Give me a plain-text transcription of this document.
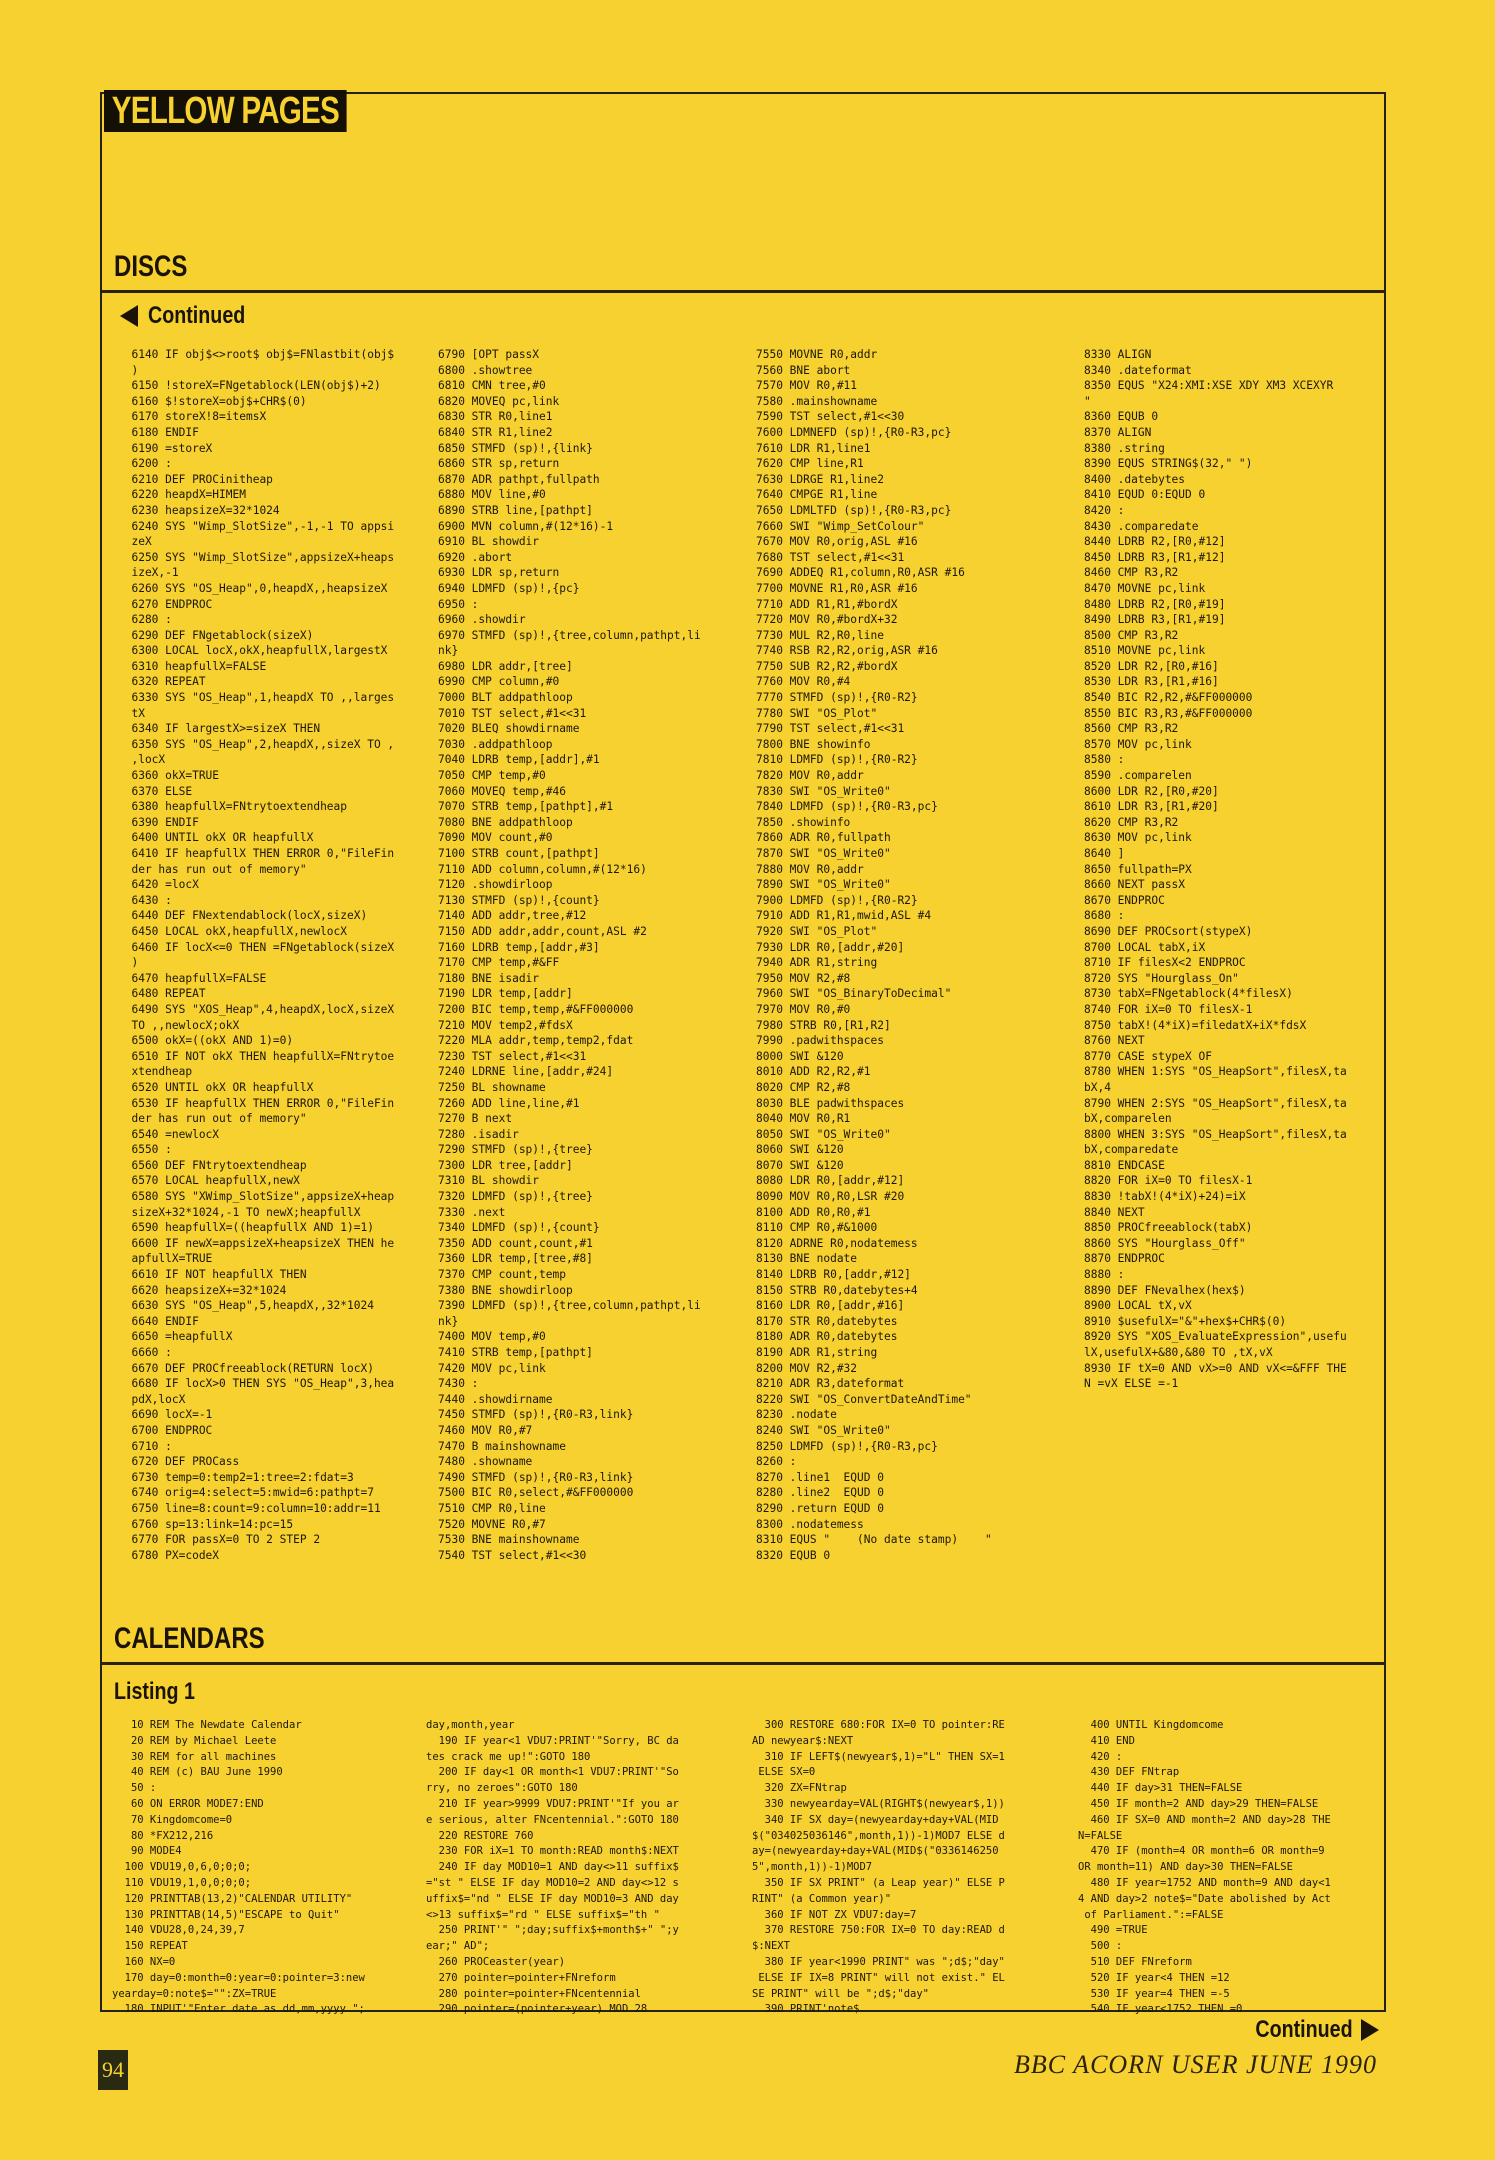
YELLOW PAGES
DISCS
Continued
6140 IF obj$<>root$ obj$=FNlastbit(obj$
)
6150 !storeX=FNgetablock(LEN(obj$)+2)
6160 $!storeX=obj$+CHR$(0)
6170 storeX!8=itemsX
6180 ENDIF
6190 =storeX
6200 :
6210 DEF PROCinitheap
6220 heapdX=HIMEM
6230 heapsizeX=32*1024
6240 SYS "Wimp_SlotSize",-1,-1 TO appsi
zeX
6250 SYS "Wimp_SlotSize",appsizeX+heaps
izeX,-1
6260 SYS "OS_Heap",0,heapdX,,heapsizeX
6270 ENDPROC
6280 :
6290 DEF FNgetablock(sizeX)
6300 LOCAL locX,okX,heapfullX,largestX
6310 heapfullX=FALSE
6320 REPEAT
6330 SYS "OS_Heap",1,heapdX TO ,,larges
tX
6340 IF largestX>=sizeX THEN
6350 SYS "OS_Heap",2,heapdX,,sizeX TO ,
,locX
6360 okX=TRUE
6370 ELSE
6380 heapfullX=FNtrytoextendheap
6390 ENDIF
6400 UNTIL okX OR heapfullX
6410 IF heapfullX THEN ERROR 0,"FileFin
der has run out of memory"
6420 =locX
6430 :
6440 DEF FNextendablock(locX,sizeX)
6450 LOCAL okX,heapfullX,newlocX
6460 IF locX<=0 THEN =FNgetablock(sizeX
)
6470 heapfullX=FALSE
6480 REPEAT
6490 SYS "XOS_Heap",4,heapdX,locX,sizeX
TO ,,newlocX;okX
6500 okX=((okX AND 1)=0)
6510 IF NOT okX THEN heapfullX=FNtrytoe
xtendheap
6520 UNTIL okX OR heapfullX
6530 IF heapfullX THEN ERROR 0,"FileFin
der has run out of memory"
6540 =newlocX
6550 :
6560 DEF FNtrytoextendheap
6570 LOCAL heapfullX,newX
6580 SYS "XWimp_SlotSize",appsizeX+heap
sizeX+32*1024,-1 TO newX;heapfullX
6590 heapfullX=((heapfullX AND 1)=1)
6600 IF newX=appsizeX+heapsizeX THEN he
apfullX=TRUE
6610 IF NOT heapfullX THEN
6620 heapsizeX+=32*1024
6630 SYS "OS_Heap",5,heapdX,,32*1024
6640 ENDIF
6650 =heapfullX
6660 :
6670 DEF PROCfreeablock(RETURN locX)
6680 IF locX>0 THEN SYS "OS_Heap",3,hea
pdX,locX
6690 locX=-1
6700 ENDPROC
6710 :
6720 DEF PROCass
6730 temp=0:temp2=1:tree=2:fdat=3
6740 orig=4:select=5:mwid=6:pathpt=7
6750 line=8:count=9:column=10:addr=11
6760 sp=13:link=14:pc=15
6770 FOR passX=0 TO 2 STEP 2
6780 PX=codeX
6790 [OPT passX
6800 .showtree
6810 CMN tree,#0
6820 MOVEQ pc,link
6830 STR R0,line1
6840 STR R1,line2
6850 STMFD (sp)!,{link}
6860 STR sp,return
6870 ADR pathpt,fullpath
6880 MOV line,#0
6890 STRB line,[pathpt]
6900 MVN column,#(12*16)-1
6910 BL showdir
6920 .abort
6930 LDR sp,return
6940 LDMFD (sp)!,{pc}
6950 :
6960 .showdir
6970 STMFD (sp)!,{tree,column,pathpt,li
nk}
6980 LDR addr,[tree]
6990 CMP column,#0
7000 BLT addpathloop
7010 TST select,#1<<31
7020 BLEQ showdirname
7030 .addpathloop
7040 LDRB temp,[addr],#1
7050 CMP temp,#0
7060 MOVEQ temp,#46
7070 STRB temp,[pathpt],#1
7080 BNE addpathloop
7090 MOV count,#0
7100 STRB count,[pathpt]
7110 ADD column,column,#(12*16)
7120 .showdirloop
7130 STMFD (sp)!,{count}
7140 ADD addr,tree,#12
7150 ADD addr,addr,count,ASL #2
7160 LDRB temp,[addr,#3]
7170 CMP temp,#&FF
7180 BNE isadir
7190 LDR temp,[addr]
7200 BIC temp,temp,#&FF000000
7210 MOV temp2,#fdsX
7220 MLA addr,temp,temp2,fdat
7230 TST select,#1<<31
7240 LDRNE line,[addr,#24]
7250 BL showname
7260 ADD line,line,#1
7270 B next
7280 .isadir
7290 STMFD (sp)!,{tree}
7300 LDR tree,[addr]
7310 BL showdir
7320 LDMFD (sp)!,{tree}
7330 .next
7340 LDMFD (sp)!,{count}
7350 ADD count,count,#1
7360 LDR temp,[tree,#8]
7370 CMP count,temp
7380 BNE showdirloop
7390 LDMFD (sp)!,{tree,column,pathpt,li
nk}
7400 MOV temp,#0
7410 STRB temp,[pathpt]
7420 MOV pc,link
7430 :
7440 .showdirname
7450 STMFD (sp)!,{R0-R3,link}
7460 MOV R0,#7
7470 B mainshowname
7480 .showname
7490 STMFD (sp)!,{R0-R3,link}
7500 BIC R0,select,#&FF000000
7510 CMP R0,line
7520 MOVNE R0,#7
7530 BNE mainshowname
7540 TST select,#1<<30
7550 MOVNE R0,addr
7560 BNE abort
7570 MOV R0,#11
7580 .mainshowname
7590 TST select,#1<<30
7600 LDMNEFD (sp)!,{R0-R3,pc}
7610 LDR R1,line1
7620 CMP line,R1
7630 LDRGE R1,line2
7640 CMPGE R1,line
7650 LDMLTFD (sp)!,{R0-R3,pc}
7660 SWI "Wimp_SetColour"
7670 MOV R0,orig,ASL #16
7680 TST select,#1<<31
7690 ADDEQ R1,column,R0,ASR #16
7700 MOVNE R1,R0,ASR #16
7710 ADD R1,R1,#bordX
7720 MOV R0,#bordX+32
7730 MUL R2,R0,line
7740 RSB R2,R2,orig,ASR #16
7750 SUB R2,R2,#bordX
7760 MOV R0,#4
7770 STMFD (sp)!,{R0-R2}
7780 SWI "OS_Plot"
7790 TST select,#1<<31
7800 BNE showinfo
7810 LDMFD (sp)!,{R0-R2}
7820 MOV R0,addr
7830 SWI "OS_Write0"
7840 LDMFD (sp)!,{R0-R3,pc}
7850 .showinfo
7860 ADR R0,fullpath
7870 SWI "OS_Write0"
7880 MOV R0,addr
7890 SWI "OS_Write0"
7900 LDMFD (sp)!,{R0-R2}
7910 ADD R1,R1,mwid,ASL #4
7920 SWI "OS_Plot"
7930 LDR R0,[addr,#20]
7940 ADR R1,string
7950 MOV R2,#8
7960 SWI "OS_BinaryToDecimal"
7970 MOV R0,#0
7980 STRB R0,[R1,R2]
7990 .padwithspaces
8000 SWI &120
8010 ADD R2,R2,#1
8020 CMP R2,#8
8030 BLE padwithspaces
8040 MOV R0,R1
8050 SWI "OS_Write0"
8060 SWI &120
8070 SWI &120
8080 LDR R0,[addr,#12]
8090 MOV R0,R0,LSR #20
8100 ADD R0,R0,#1
8110 CMP R0,#&1000
8120 ADRNE R0,nodatemess
8130 BNE nodate
8140 LDRB R0,[addr,#12]
8150 STRB R0,datebytes+4
8160 LDR R0,[addr,#16]
8170 STR R0,datebytes
8180 ADR R0,datebytes
8190 ADR R1,string
8200 MOV R2,#32
8210 ADR R3,dateformat
8220 SWI "OS_ConvertDateAndTime"
8230 .nodate
8240 SWI "OS_Write0"
8250 LDMFD (sp)!,{R0-R3,pc}
8260 :
8270 .line1  EQUD 0
8280 .line2  EQUD 0
8290 .return EQUD 0
8300 .nodatemess
8310 EQUS "    (No date stamp)    "
8320 EQUB 0
8330 ALIGN
8340 .dateformat
8350 EQUS "X24:XMI:XSE XDY XM3 XCEXYR
"
8360 EQUB 0
8370 ALIGN
8380 .string
8390 EQUS STRING$(32," ")
8400 .datebytes
8410 EQUD 0:EQUD 0
8420 :
8430 .comparedate
8440 LDRB R2,[R0,#12]
8450 LDRB R3,[R1,#12]
8460 CMP R3,R2
8470 MOVNE pc,link
8480 LDRB R2,[R0,#19]
8490 LDRB R3,[R1,#19]
8500 CMP R3,R2
8510 MOVNE pc,link
8520 LDR R2,[R0,#16]
8530 LDR R3,[R1,#16]
8540 BIC R2,R2,#&FF000000
8550 BIC R3,R3,#&FF000000
8560 CMP R3,R2
8570 MOV pc,link
8580 :
8590 .comparelen
8600 LDR R2,[R0,#20]
8610 LDR R3,[R1,#20]
8620 CMP R3,R2
8630 MOV pc,link
8640 ]
8650 fullpath=PX
8660 NEXT passX
8670 ENDPROC
8680 :
8690 DEF PROCsort(stypeX)
8700 LOCAL tabX,iX
8710 IF filesX<2 ENDPROC
8720 SYS "Hourglass_On"
8730 tabX=FNgetablock(4*filesX)
8740 FOR iX=0 TO filesX-1
8750 tabX!(4*iX)=filedatX+iX*fdsX
8760 NEXT
8770 CASE stypeX OF
8780 WHEN 1:SYS "OS_HeapSort",filesX,ta
bX,4
8790 WHEN 2:SYS "OS_HeapSort",filesX,ta
bX,comparelen
8800 WHEN 3:SYS "OS_HeapSort",filesX,ta
bX,comparedate
8810 ENDCASE
8820 FOR iX=0 TO filesX-1
8830 !tabX!(4*iX)+24)=iX
8840 NEXT
8850 PROCfreeablock(tabX)
8860 SYS "Hourglass_Off"
8870 ENDPROC
8880 :
8890 DEF FNevalhex(hex$)
8900 LOCAL tX,vX
8910 $usefulX="&"+hex$+CHR$(0)
8920 SYS "XOS_EvaluateExpression",usefu
lX,usefulX+&80,&80 TO ,tX,vX
8930 IF tX=0 AND vX>=0 AND vX<=&FFF THE
N =vX ELSE =-1
CALENDARS
Listing 1
10 REM The Newdate Calendar
20 REM by Michael Leete
30 REM for all machines
40 REM (c) BAU June 1990
50 :
60 ON ERROR MODE7:END
70 Kingdomcome=0
80 *FX212,216
90 MODE4
100 VDU19,0,6,0;0;0;
110 VDU19,1,0,0;0;0;
120 PRINTTAB(13,2)"CALENDAR UTILITY"
130 PRINTTAB(14,5)"ESCAPE to Quit"
140 VDU28,0,24,39,7
150 REPEAT
160 NX=0
170 day=0:month=0:year=0:pointer=3:new
yearday=0:note$="":ZX=TRUE
180 INPUT'"Enter date as dd,mm,yyyy ";
day,month,year
190 IF year<1 VDU7:PRINT'"Sorry, BC da
tes crack me up!":GOTO 180
200 IF day<1 OR month<1 VDU7:PRINT'"So
rry, no zeroes":GOTO 180
210 IF year>9999 VDU7:PRINT'"If you ar
e serious, alter FNcentennial.":GOTO 180
220 RESTORE 760
230 FOR iX=1 TO month:READ month$:NEXT
240 IF day MOD10=1 AND day<>11 suffix$
="st " ELSE IF day MOD10=2 AND day<>12 s
uffix$="nd " ELSE IF day MOD10=3 AND day
<>13 suffix$="rd " ELSE suffix$="th "
250 PRINT'" ";day;suffix$+month$+" ";y
ear;" AD";
260 PROCeaster(year)
270 pointer=pointer+FNreform
280 pointer=pointer+FNcentennial
290 pointer=(pointer+year) MOD 28
300 RESTORE 680:FOR IX=0 TO pointer:RE
AD newyear$:NEXT
310 IF LEFT$(newyear$,1)="L" THEN SX=1
ELSE SX=0
320 ZX=FNtrap
330 newyearday=VAL(RIGHT$(newyear$,1))
340 IF SX day=(newyearday+day+VAL(MID
$("034025036146",month,1))-1)MOD7 ELSE d
ay=(newyearday+day+VAL(MID$("0336146250
5",month,1))-1)MOD7
350 IF SX PRINT" (a Leap year)" ELSE P
RINT" (a Common year)"
360 IF NOT ZX VDU7:day=7
370 RESTORE 750:FOR IX=0 TO day:READ d
$:NEXT
380 IF year<1990 PRINT" was ";d$;"day"
ELSE IF IX=8 PRINT" will not exist." EL
SE PRINT" will be ";d$;"day"
390 PRINT'note$
400 UNTIL Kingdomcome
410 END
420 :
430 DEF FNtrap
440 IF day>31 THEN=FALSE
450 IF month=2 AND day>29 THEN=FALSE
460 IF SX=0 AND month=2 AND day>28 THE
N=FALSE
470 IF (month=4 OR month=6 OR month=9
OR month=11) AND day>30 THEN=FALSE
480 IF year=1752 AND month=9 AND day<1
4 AND day>2 note$="Date abolished by Act
of Parliament.":=FALSE
490 =TRUE
500 :
510 DEF FNreform
520 IF year<4 THEN =12
530 IF year=4 THEN =-5
540 IF year<1752 THEN =0
Continued
94	BBC ACORN USER JUNE 1990
